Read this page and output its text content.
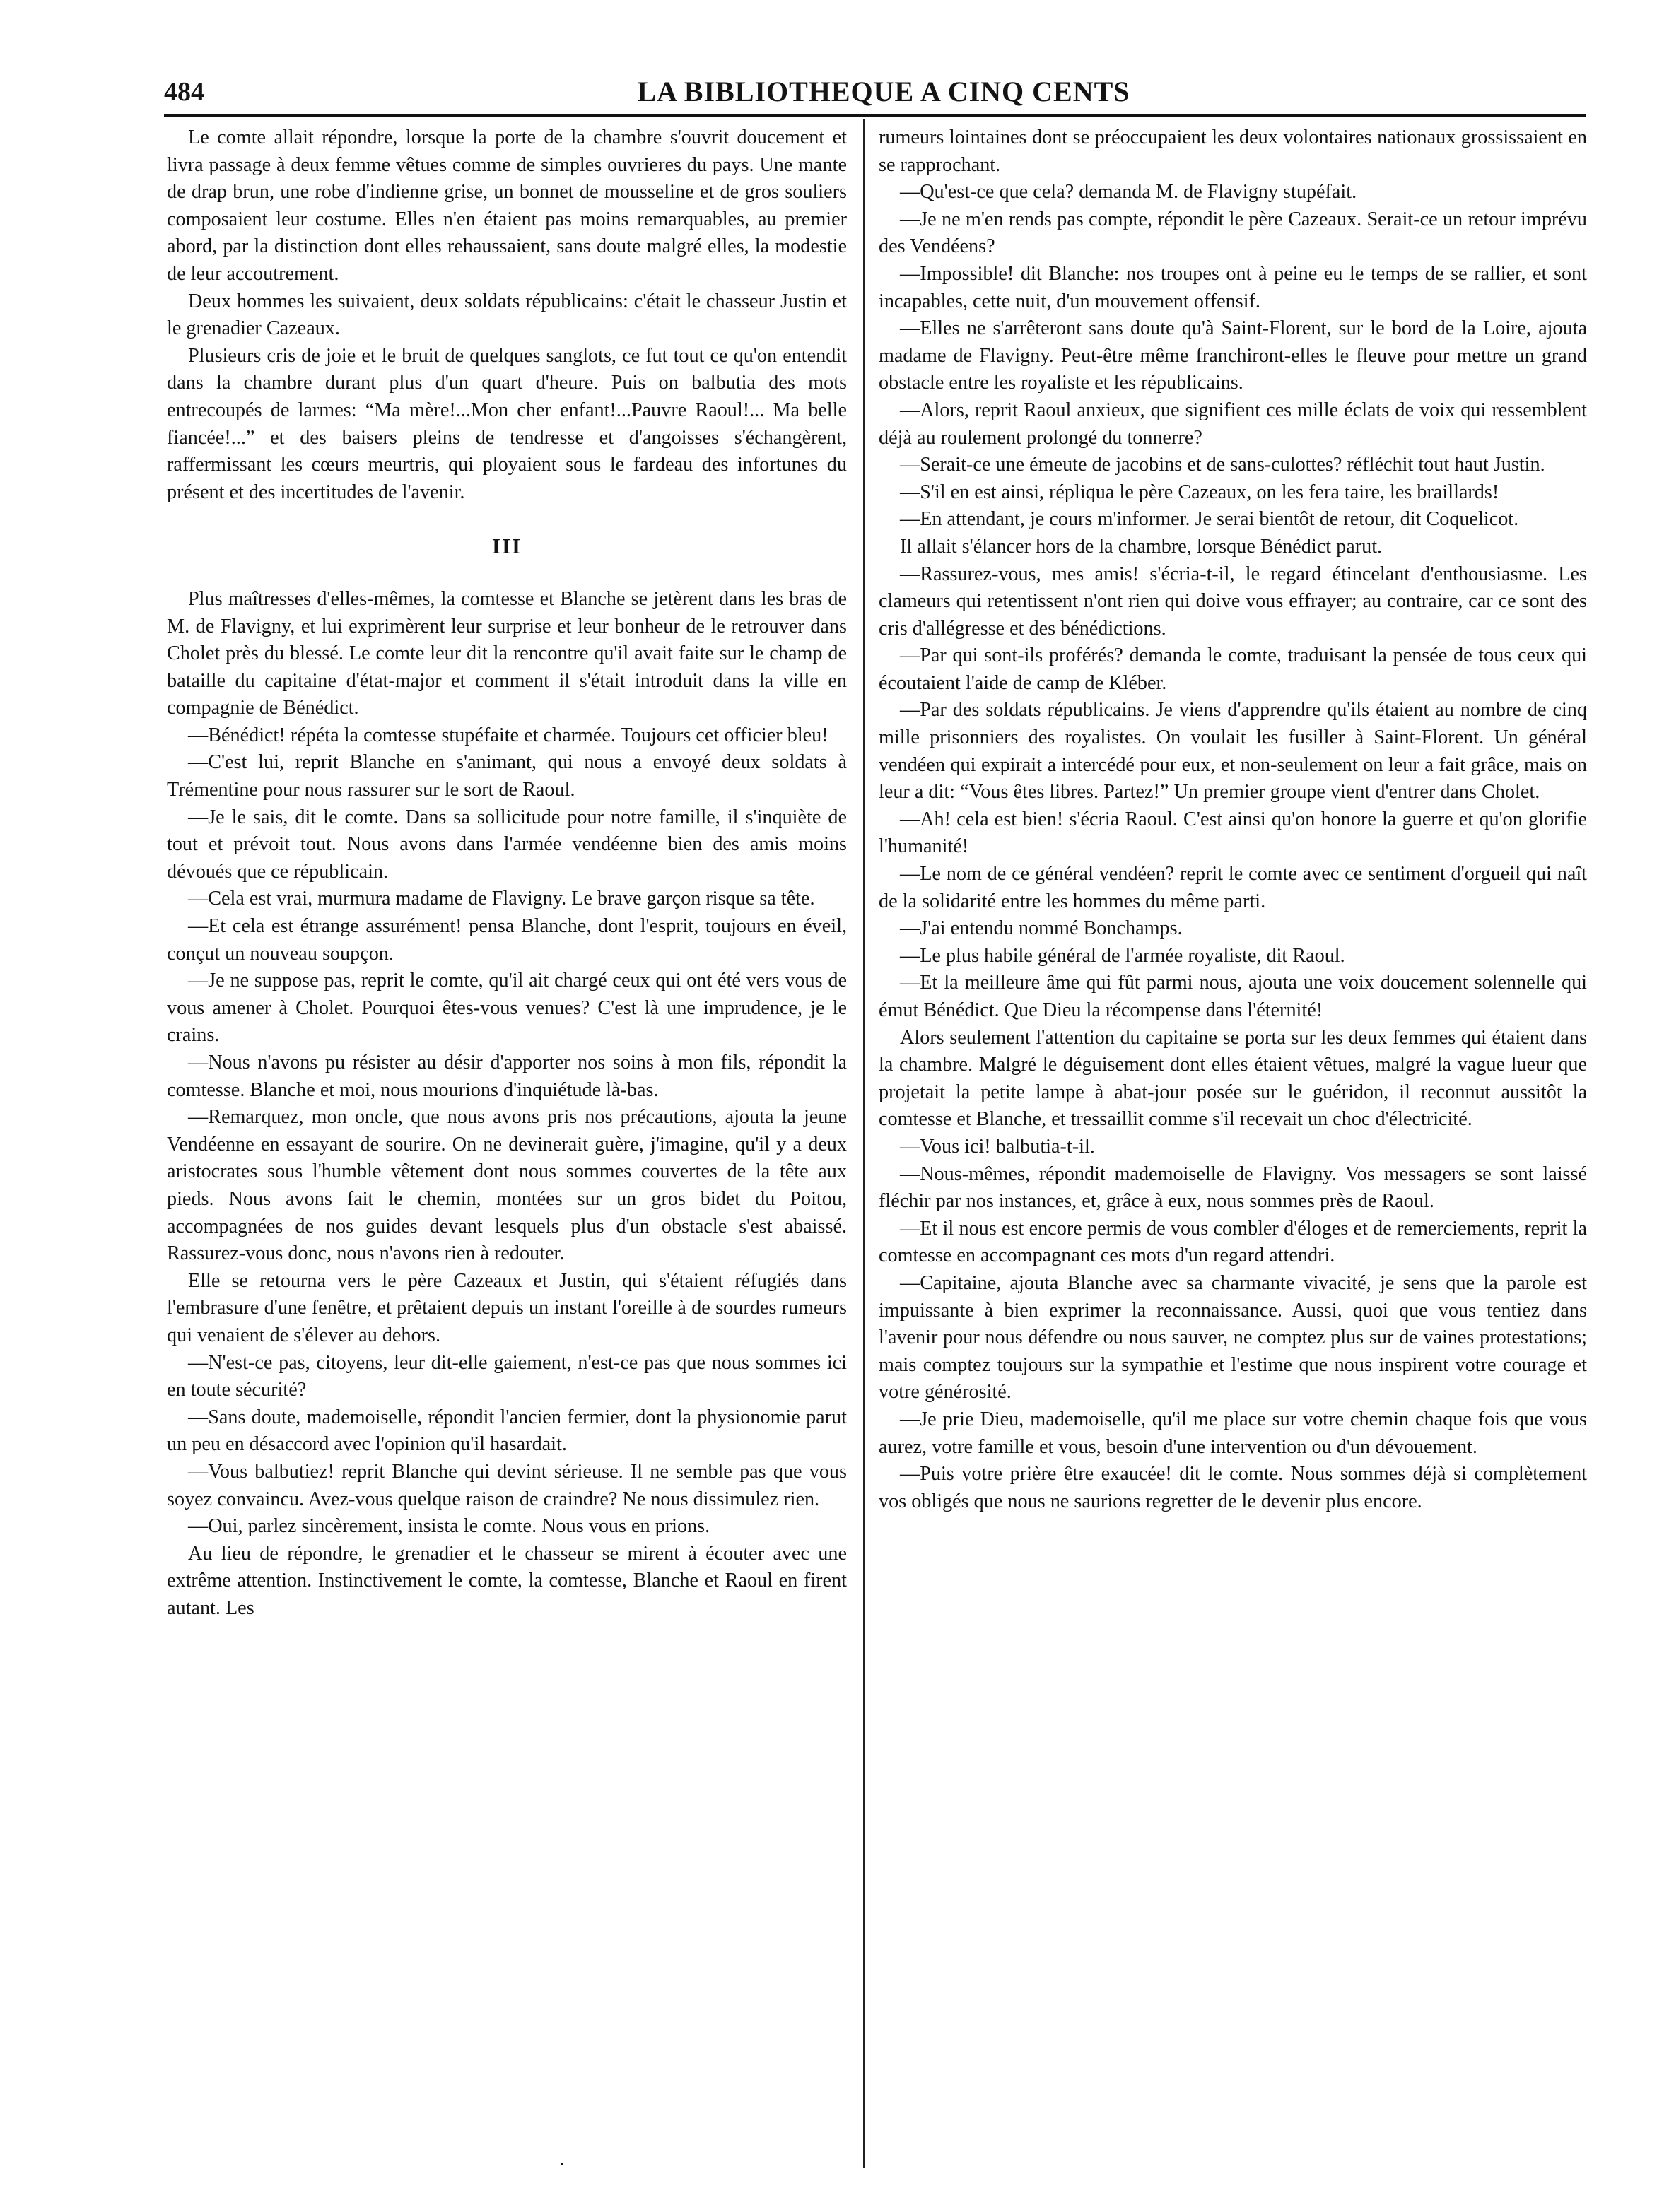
484	LA BIBLIOTHEQUE A CINQ CENTS

Le comte allait répondre, lorsque la porte de la chambre s'ouvrit doucement et livra passage à deux femme vêtues comme de simples ouvrieres du pays. Une mante de drap brun, une robe d'indienne grise, un bonnet de mousseline et de gros souliers composaient leur costume. Elles n'en étaient pas moins remarquables, au premier abord, par la distinction dont elles rehaussaient, sans doute malgré elles, la modestie de leur accoutrement.

Deux hommes les suivaient, deux soldats républicains: c'était le chasseur Justin et le grenadier Cazeaux.

Plusieurs cris de joie et le bruit de quelques sanglots, ce fut tout ce qu'on entendit dans la chambre durant plus d'un quart d'heure. Puis on balbutia des mots entrecoupés de larmes: “Ma mère!...Mon cher enfant!...Pauvre Raoul!... Ma belle fiancée!...” et des baisers pleins de tendresse et d'angoisses s'échangèrent, raffermissant les cœurs meurtris, qui ployaient sous le fardeau des infortunes du présent et des incertitudes de l'avenir.

III

Plus maîtresses d'elles-mêmes, la comtesse et Blanche se jetèrent dans les bras de M. de Flavigny, et lui exprimèrent leur surprise et leur bonheur de le retrouver dans Cholet près du blessé. Le comte leur dit la rencontre qu'il avait faite sur le champ de bataille du capitaine d'état-major et comment il s'était introduit dans la ville en compagnie de Bénédict.

—Bénédict! répéta la comtesse stupéfaite et charmée. Toujours cet officier bleu!

—C'est lui, reprit Blanche en s'animant, qui nous a envoyé deux soldats à Trémentine pour nous rassurer sur le sort de Raoul.

—Je le sais, dit le comte. Dans sa sollicitude pour notre famille, il s'inquiète de tout et prévoit tout. Nous avons dans l'armée vendéenne bien des amis moins dévoués que ce républicain.

—Cela est vrai, murmura madame de Flavigny. Le brave garçon risque sa tête.

—Et cela est étrange assurément! pensa Blanche, dont l'esprit, toujours en éveil, conçut un nouveau soupçon.

—Je ne suppose pas, reprit le comte, qu'il ait chargé ceux qui ont été vers vous de vous amener à Cholet. Pourquoi êtes-vous venues? C'est là une imprudence, je le crains.

—Nous n'avons pu résister au désir d'apporter nos soins à mon fils, répondit la comtesse. Blanche et moi, nous mourions d'inquiétude là-bas.

—Remarquez, mon oncle, que nous avons pris nos précautions, ajouta la jeune Vendéenne en essayant de sourire. On ne devinerait guère, j'imagine, qu'il y a deux aristocrates sous l'humble vêtement dont nous sommes couvertes de la tête aux pieds. Nous avons fait le chemin, montées sur un gros bidet du Poitou, accompagnées de nos guides devant lesquels plus d'un obstacle s'est abaissé. Rassurez-vous donc, nous n'avons rien à redouter.

Elle se retourna vers le père Cazeaux et Justin, qui s'étaient réfugiés dans l'embrasure d'une fenêtre, et prêtaient depuis un instant l'oreille à de sourdes rumeurs qui venaient de s'élever au dehors.

—N'est-ce pas, citoyens, leur dit-elle gaiement, n'est-ce pas que nous sommes ici en toute sécurité?

—Sans doute, mademoiselle, répondit l'ancien fermier, dont la physionomie parut un peu en désaccord avec l'opinion qu'il hasardait.

—Vous balbutiez! reprit Blanche qui devint sérieuse. Il ne semble pas que vous soyez convaincu. Avez-vous quelque raison de craindre? Ne nous dissimulez rien.

—Oui, parlez sincèrement, insista le comte. Nous vous en prions.

Au lieu de répondre, le grenadier et le chasseur se mirent à écouter avec une extrême attention. Instinctivement le comte, la comtesse, Blanche et Raoul en firent autant. Les

rumeurs lointaines dont se préoccupaient les deux volontaires nationaux grossissaient en se rapprochant.

—Qu'est-ce que cela? demanda M. de Flavigny stupéfait.

—Je ne m'en rends pas compte, répondit le père Cazeaux. Serait-ce un retour imprévu des Vendéens?

—Impossible! dit Blanche: nos troupes ont à peine eu le temps de se rallier, et sont incapables, cette nuit, d'un mouvement offensif.

—Elles ne s'arrêteront sans doute qu'à Saint-Florent, sur le bord de la Loire, ajouta madame de Flavigny. Peut-être même franchiront-elles le fleuve pour mettre un grand obstacle entre les royaliste et les républicains.

—Alors, reprit Raoul anxieux, que signifient ces mille éclats de voix qui ressemblent déjà au roulement prolongé du tonnerre?

—Serait-ce une émeute de jacobins et de sans-culottes? réfléchit tout haut Justin.

—S'il en est ainsi, répliqua le père Cazeaux, on les fera taire, les braillards!

—En attendant, je cours m'informer. Je serai bientôt de retour, dit Coquelicot.

Il allait s'élancer hors de la chambre, lorsque Bénédict parut.

—Rassurez-vous, mes amis! s'écria-t-il, le regard étincelant d'enthousiasme. Les clameurs qui retentissent n'ont rien qui doive vous effrayer; au contraire, car ce sont des cris d'allégresse et des bénédictions.

—Par qui sont-ils proférés? demanda le comte, traduisant la pensée de tous ceux qui écoutaient l'aide de camp de Kléber.

—Par des soldats républicains. Je viens d'apprendre qu'ils étaient au nombre de cinq mille prisonniers des royalistes. On voulait les fusiller à Saint-Florent. Un général vendéen qui expirait a intercédé pour eux, et non-seulement on leur a fait grâce, mais on leur a dit: “Vous êtes libres. Partez!” Un premier groupe vient d'entrer dans Cholet.

—Ah! cela est bien! s'écria Raoul. C'est ainsi qu'on honore la guerre et qu'on glorifie l'humanité!

—Le nom de ce général vendéen? reprit le comte avec ce sentiment d'orgueil qui naît de la solidarité entre les hommes du même parti.

—J'ai entendu nommé Bonchamps.

—Le plus habile général de l'armée royaliste, dit Raoul.

—Et la meilleure âme qui fût parmi nous, ajouta une voix doucement solennelle qui émut Bénédict. Que Dieu la récompense dans l'éternité!

Alors seulement l'attention du capitaine se porta sur les deux femmes qui étaient dans la chambre. Malgré le déguisement dont elles étaient vêtues, malgré la vague lueur que projetait la petite lampe à abat-jour posée sur le guéridon, il reconnut aussitôt la comtesse et Blanche, et tressaillit comme s'il recevait un choc d'électricité.

—Vous ici! balbutia-t-il.

—Nous-mêmes, répondit mademoiselle de Flavigny. Vos messagers se sont laissé fléchir par nos instances, et, grâce à eux, nous sommes près de Raoul.

—Et il nous est encore permis de vous combler d'éloges et de remerciements, reprit la comtesse en accompagnant ces mots d'un regard attendri.

—Capitaine, ajouta Blanche avec sa charmante vivacité, je sens que la parole est impuissante à bien exprimer la reconnaissance. Aussi, quoi que vous tentiez dans l'avenir pour nous défendre ou nous sauver, ne comptez plus sur de vaines protestations; mais comptez toujours sur la sympathie et l'estime que nous inspirent votre courage et votre générosité.

—Je prie Dieu, mademoiselle, qu'il me place sur votre chemin chaque fois que vous aurez, votre famille et vous, besoin d'une intervention ou d'un dévouement.

—Puis votre prière être exaucée! dit le comte. Nous sommes déjà si complètement vos obligés que nous ne saurions regretter de le devenir plus encore.

·
